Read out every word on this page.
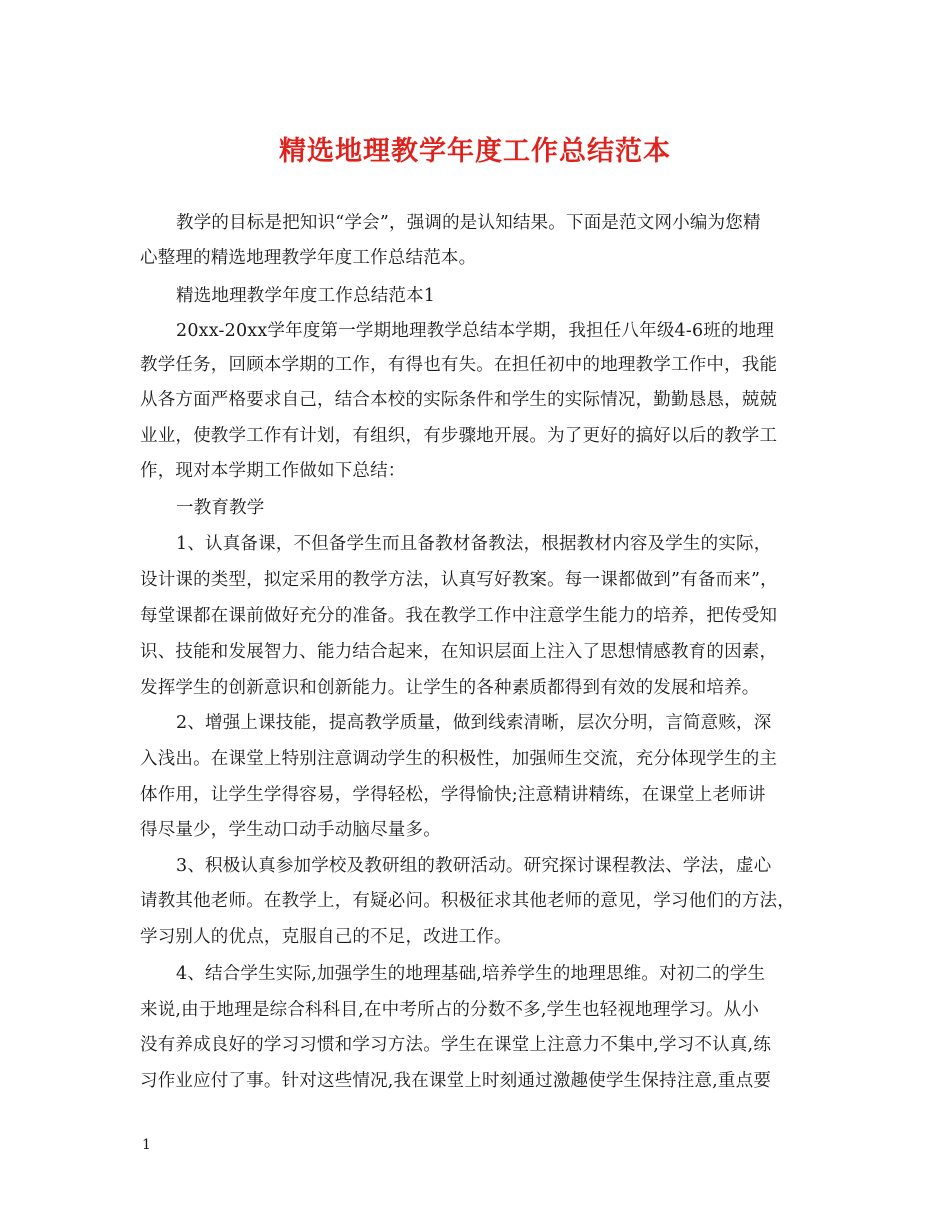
精选地理教学年度工作总结范本
教学的目标是把知识“学会”，强调的是认知结果。下面是范文网小编为您精
心整理的精选地理教学年度工作总结范本。
精选地理教学年度工作总结范本1
20xx-20xx学年度第一学期地理教学总结本学期，我担任八年级4-6班的地理
教学任务，回顾本学期的工作，有得也有失。在担任初中的地理教学工作中，我能
从各方面严格要求自己，结合本校的实际条件和学生的实际情况，勤勤恳恳，兢兢
业业，使教学工作有计划，有组织，有步骤地开展。为了更好的搞好以后的教学工
作，现对本学期工作做如下总结：
一教育教学
1、认真备课，不但备学生而且备教材备教法，根据教材内容及学生的实际，
设计课的类型，拟定采用的教学方法，认真写好教案。每一课都做到”有备而来”，
每堂课都在课前做好充分的准备。我在教学工作中注意学生能力的培养，把传受知
识、技能和发展智力、能力结合起来，在知识层面上注入了思想情感教育的因素，
发挥学生的创新意识和创新能力。让学生的各种素质都得到有效的发展和培养。
2、增强上课技能，提高教学质量，做到线索清晰，层次分明，言简意赅，深
入浅出。在课堂上特别注意调动学生的积极性，加强师生交流，充分体现学生的主
体作用，让学生学得容易，学得轻松，学得愉快;注意精讲精练，在课堂上老师讲
得尽量少，学生动口动手动脑尽量多。
3、积极认真参加学校及教研组的教研活动。研究探讨课程教法、学法，虚心
请教其他老师。在教学上，有疑必问。积极征求其他老师的意见，学习他们的方法，
学习别人的优点，克服自己的不足，改进工作。
4、结合学生实际,加强学生的地理基础,培养学生的地理思维。对初二的学生
来说,由于地理是综合科科目,在中考所占的分数不多,学生也轻视地理学习。从小
没有养成良好的学习习惯和学习方法。学生在课堂上注意力不集中,学习不认真,练
习作业应付了事。针对这些情况,我在课堂上时刻通过激趣使学生保持注意,重点要
1
